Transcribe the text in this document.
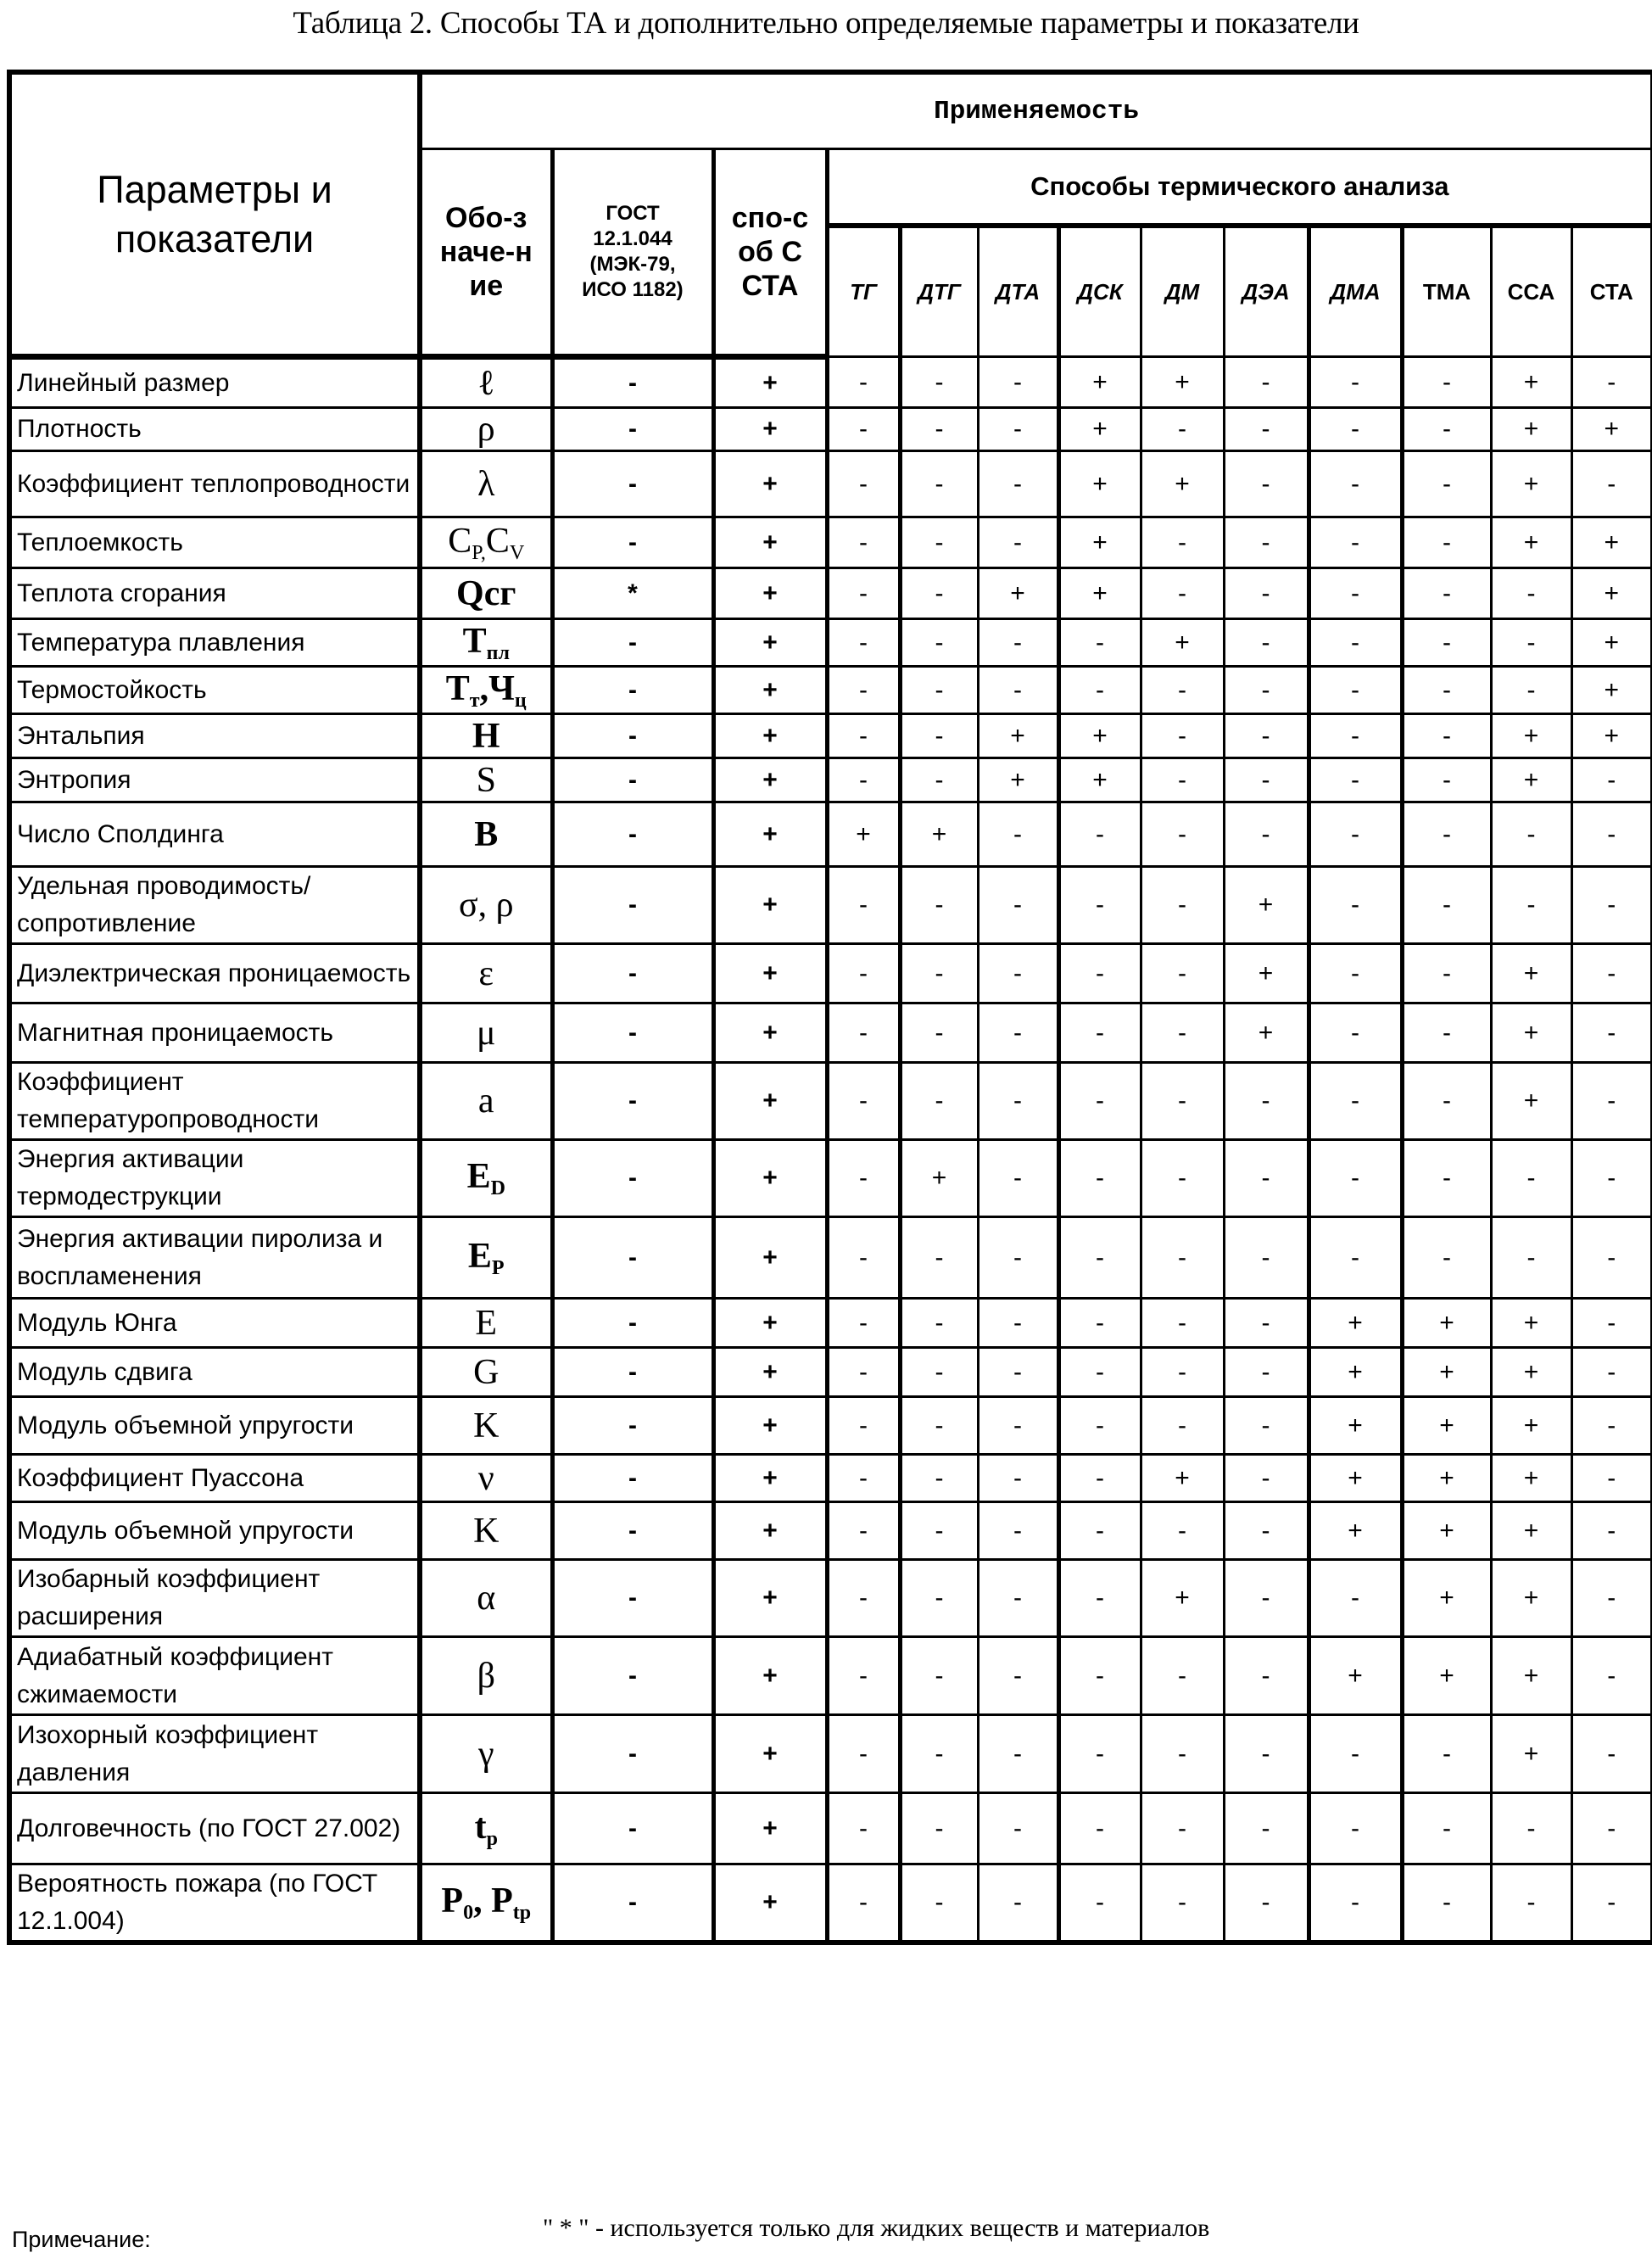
Таблица 2. Способы ТА и дополнительно определяемые параметры и показатели
Параметры и показатели	Применяемость
Обо-значе-ние	ГОСТ 12.1.044 (МЭК-79, ИСО 1182)	спо-соб ССТА	Способы термического анализа
ТГ	ДТГ	ДТА	ДСК	ДМ	ДЭА	ДМА	ТМА	ССА	СТА
Линейный размер	ℓ	-	+	-	-	-	+	+	-	-	-	+	-
Плотность	ρ	-	+	-	-	-	+	-	-	-	-	+	+
Коэффициент теплопроводности	λ	-	+	-	-	-	+	+	-	-	-	+	-
Теплоемкость	CP,CV	-	+	-	-	-	+	-	-	-	-	+	+
Теплота сгорания	Qсг	*	+	-	-	+	+	-	-	-	-	-	+
Температура плавления	Tпл	-	+	-	-	-	-	+	-	-	-	-	+
Термостойкость	Tт,Чц	-	+	-	-	-	-	-	-	-	-	-	+
Энтальпия	H	-	+	-	-	+	+	-	-	-	-	+	+
Энтропия	S	-	+	-	-	+	+	-	-	-	-	+	-
Число Сполдинга	B	-	+	+	+	-	-	-	-	-	-	-	-
Удельная проводимость/ сопротивление	σ, ρ	-	+	-	-	-	-	-	+	-	-	-	-
Диэлектрическая проницаемость	ε	-	+	-	-	-	-	-	+	-	-	+	-
Магнитная проницаемость	μ	-	+	-	-	-	-	-	+	-	-	+	-
Коэффициент температуропроводности	a	-	+	-	-	-	-	-	-	-	-	+	-
Энергия активации термодеструкции	ED	-	+	-	+	-	-	-	-	-	-	-	-
Энергия активации пиролиза и воспламенения	EP	-	+	-	-	-	-	-	-	-	-	-	-
Модуль Юнга	E	-	+	-	-	-	-	-	-	+	+	+	-
Модуль сдвига	G	-	+	-	-	-	-	-	-	+	+	+	-
Модуль объемной упругости	K	-	+	-	-	-	-	-	-	+	+	+	-
Коэффициент Пуассона	ν	-	+	-	-	-	-	+	-	+	+	+	-
Модуль объемной упругости	K	-	+	-	-	-	-	-	-	+	+	+	-
Изобарный коэффициент расширения	α	-	+	-	-	-	-	+	-	-	+	+	-
Адиабатный коэффициент сжимаемости	β	-	+	-	-	-	-	-	-	+	+	+	-
Изохорный коэффициент давления	γ	-	+	-	-	-	-	-	-	-	-	+	-
Долговечность (по ГОСТ 27.002)	tp	-	+	-	-	-	-	-	-	-	-	-	-
Вероятность пожара (по ГОСТ 12.1.004)	P0, Ptp	-	+	-	-	-	-	-	-	-	-	-	-
Примечание:	" * " - используется только для жидких веществ и материалов
